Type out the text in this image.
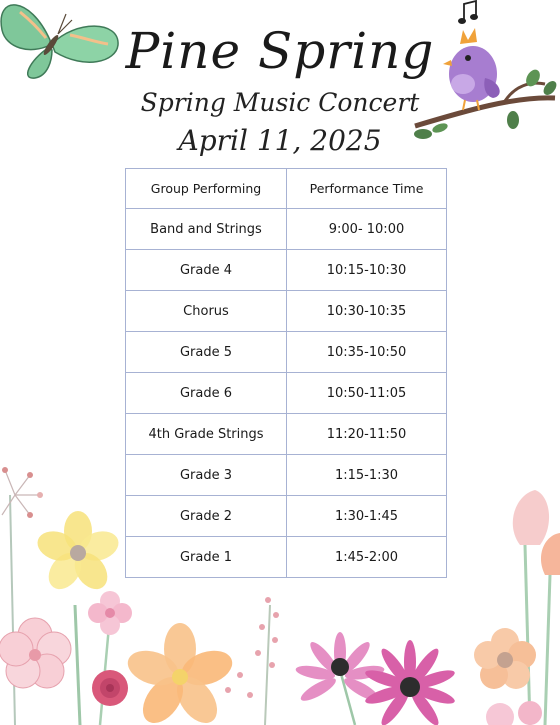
Pine Spring
Spring Music Concert
April 11, 2025
Group Performing	Performance Time
Band and Strings	9:00- 10:00
Grade 4	10:15-10:30
Chorus	10:30-10:35
Grade 5	10:35-10:50
Grade 6	10:50-11:05
4th Grade Strings	11:20-11:50
Grade 3	1:15-1:30
Grade 2	1:30-1:45
Grade 1	1:45-2:00
